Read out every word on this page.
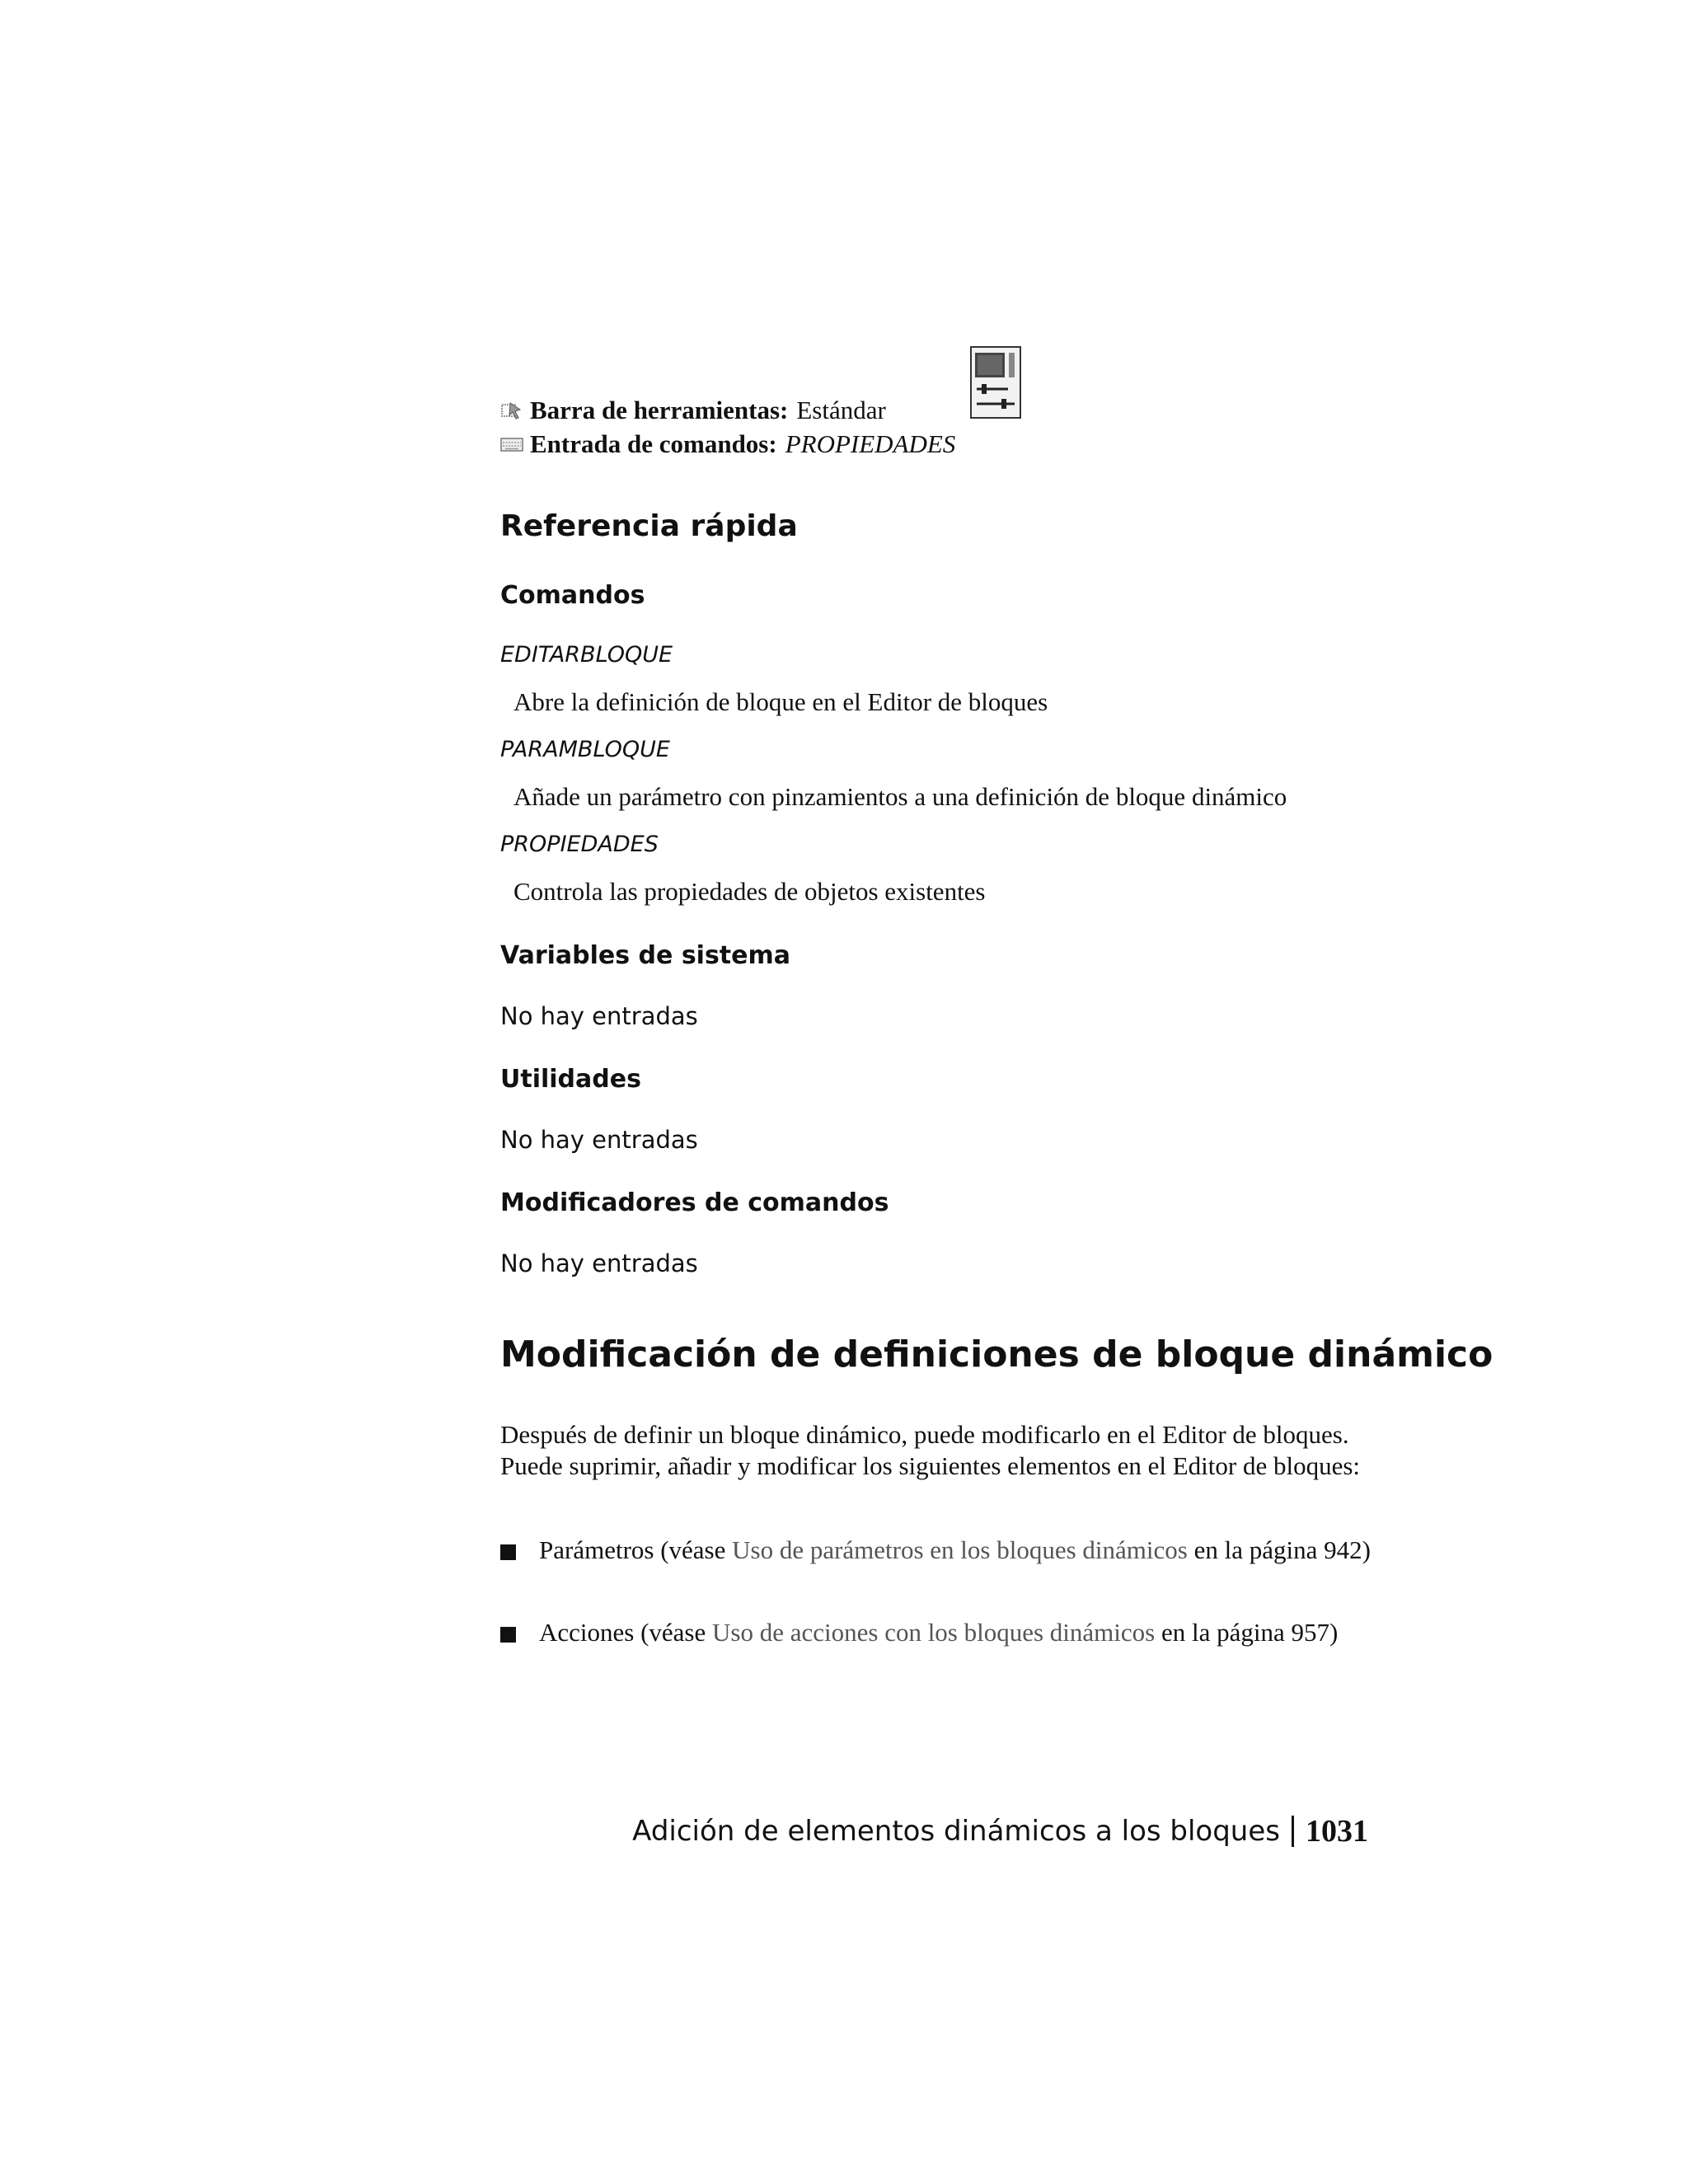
Barra de herramientas: Estándar
Entrada de comandos: PROPIEDADES
Referencia rápida
Comandos
EDITARBLOQUE
Abre la definición de bloque en el Editor de bloques
PARAMBLOQUE
Añade un parámetro con pinzamientos a una definición de bloque dinámico
PROPIEDADES
Controla las propiedades de objetos existentes
Variables de sistema
No hay entradas
Utilidades
No hay entradas
Modificadores de comandos
No hay entradas
Modificación de definiciones de bloque dinámico

Después de definir un bloque dinámico, puede modificarlo en el Editor de bloques. Puede suprimir, añadir y modificar los siguientes elementos en el Editor de bloques:

Parámetros (véase Uso de parámetros en los bloques dinámicos en la página 942)
Acciones (véase Uso de acciones con los bloques dinámicos en la página 957)
Adición de elementos dinámicos a los bloques 1031
